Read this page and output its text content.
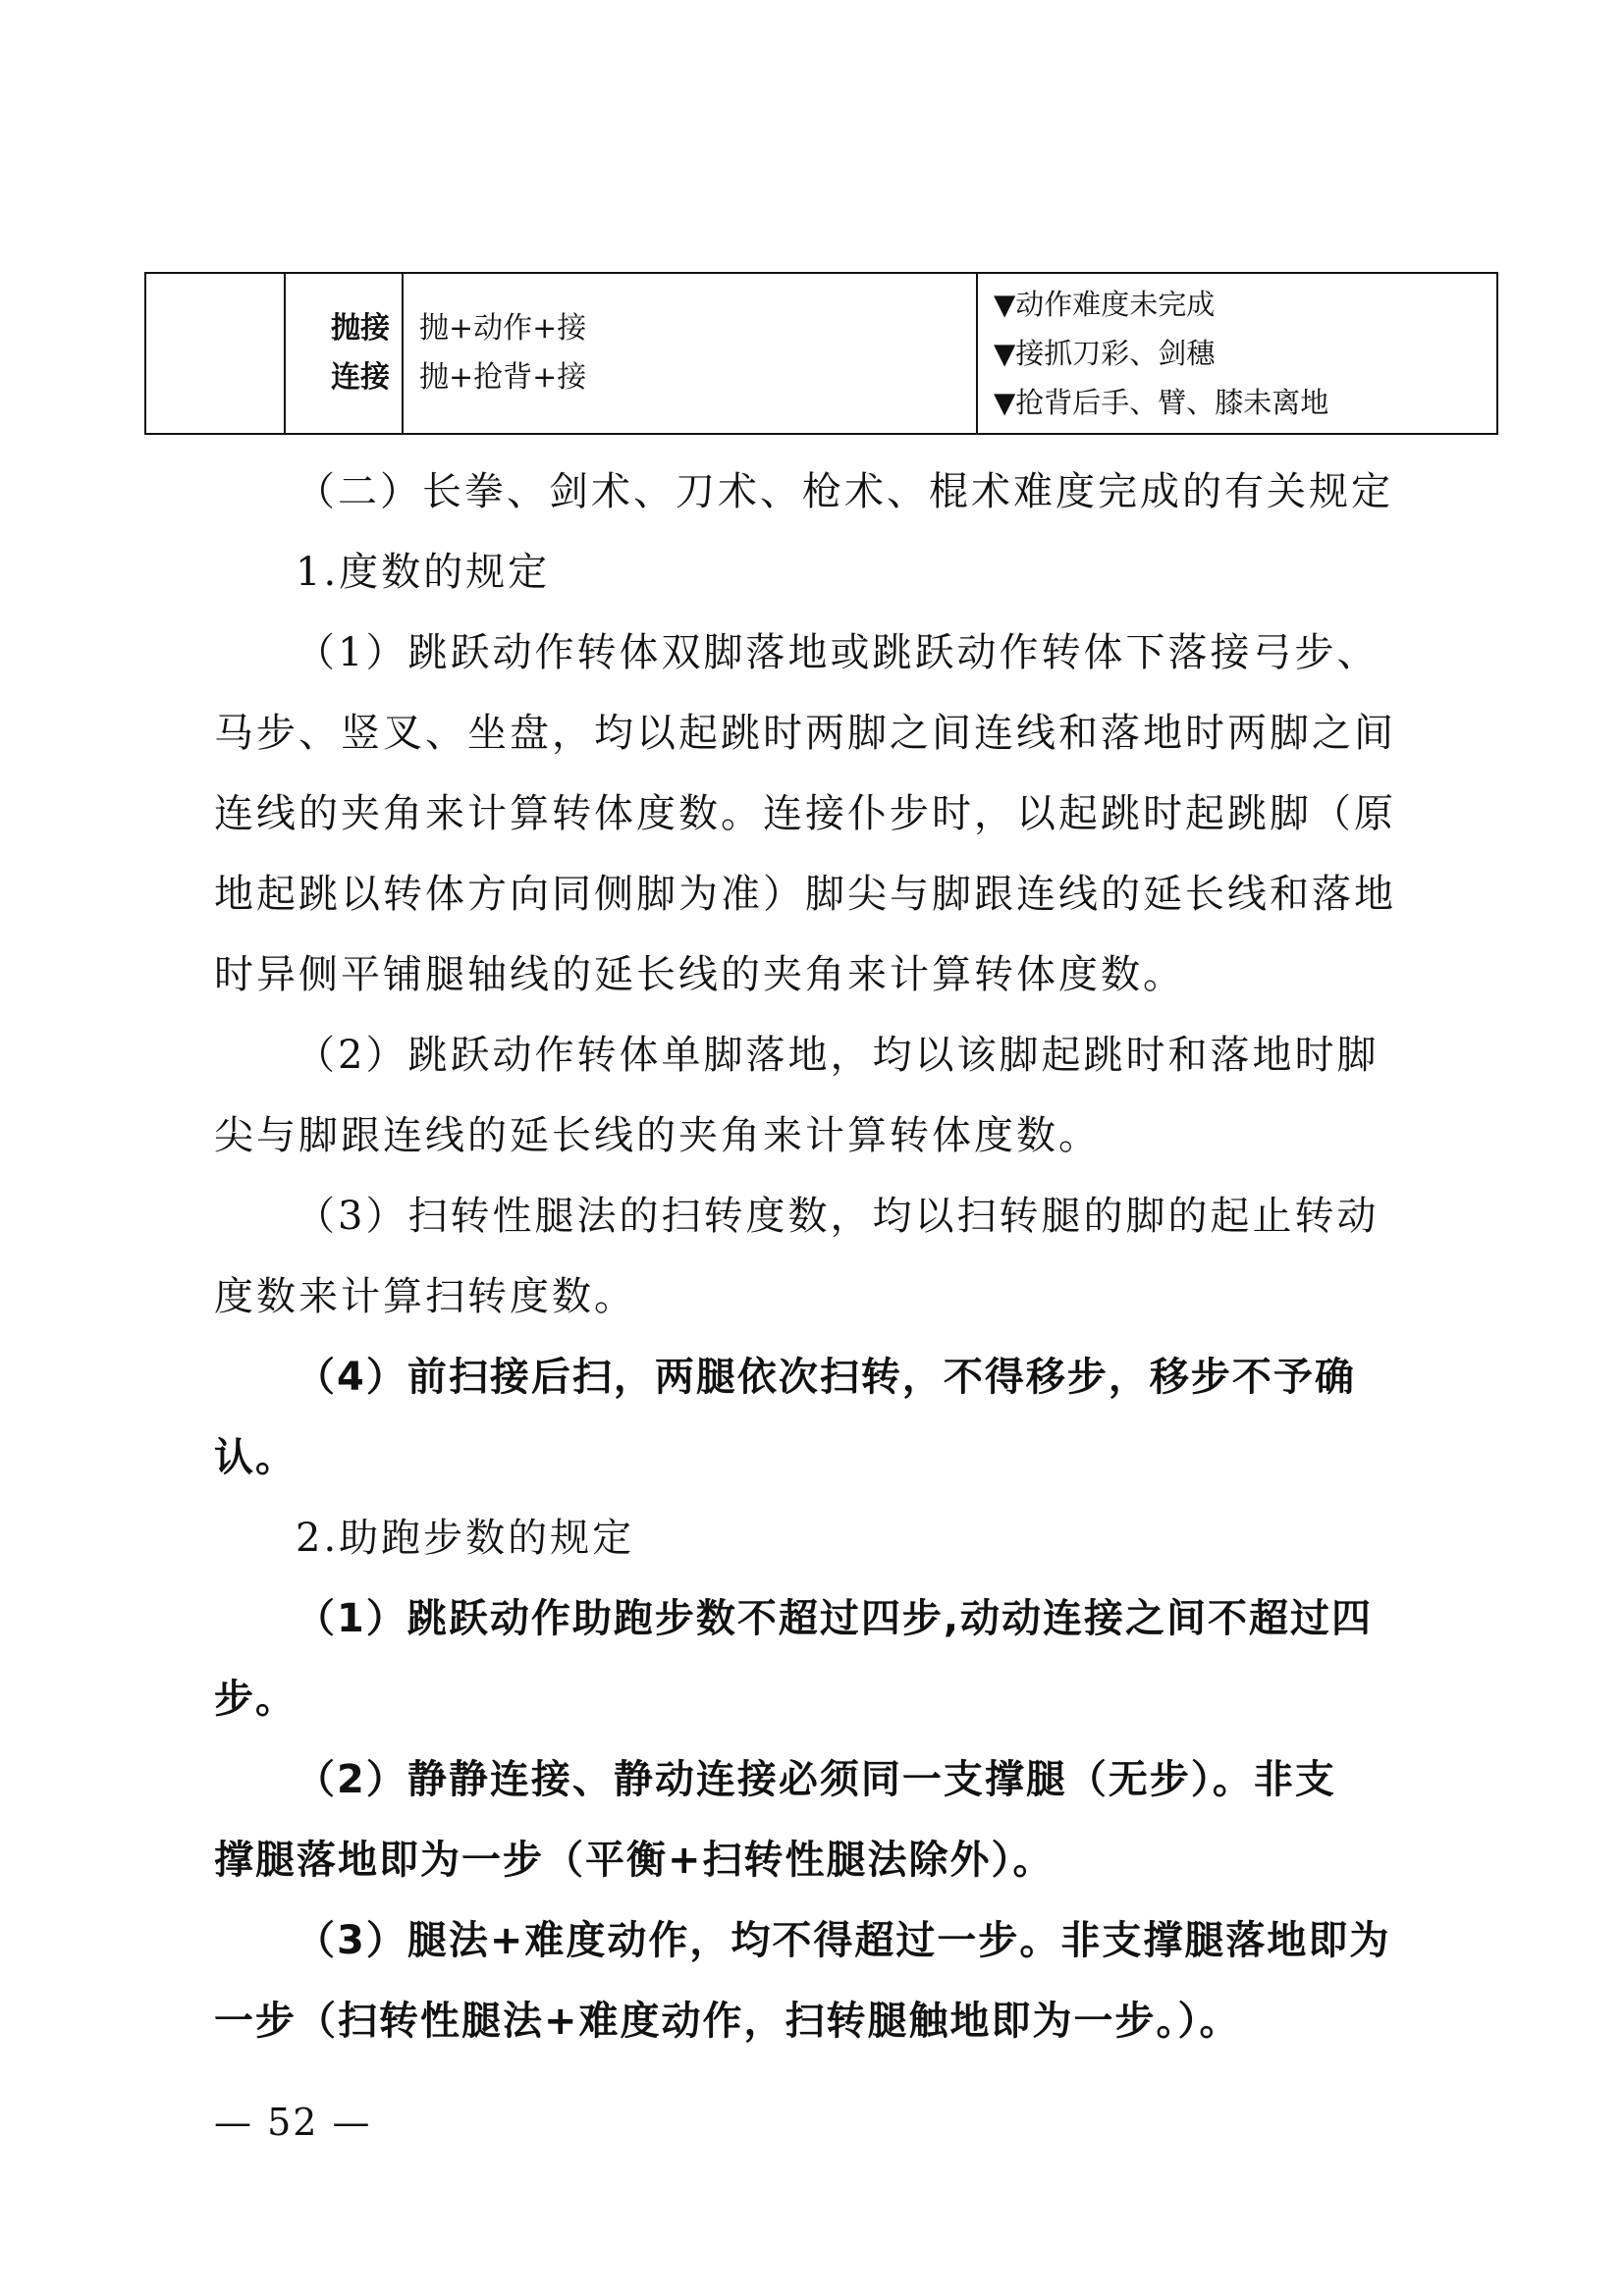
抛接
连接

抛+动作+接
抛+抢背+接

▼动作难度未完成
▼接抓刀彩、剑穗
▼抢背后手、臂、膝未离地

（二）长拳、剑术、刀术、枪术、棍术难度完成的有关规定

1.度数的规定

（1）跳跃动作转体双脚落地或跳跃动作转体下落接弓步、
马步、竖叉、坐盘，均以起跳时两脚之间连线和落地时两脚之间
连线的夹角来计算转体度数。连接仆步时，以起跳时起跳脚（原
地起跳以转体方向同侧脚为准）脚尖与脚跟连线的延长线和落地
时异侧平铺腿轴线的延长线的夹角来计算转体度数。

（2）跳跃动作转体单脚落地，均以该脚起跳时和落地时脚
尖与脚跟连线的延长线的夹角来计算转体度数。

（3）扫转性腿法的扫转度数，均以扫转腿的脚的起止转动
度数来计算扫转度数。

（4）前扫接后扫，两腿依次扫转，不得移步，移步不予确
认。

2.助跑步数的规定

（1）跳跃动作助跑步数不超过四步,动动连接之间不超过四
步。

（2）静静连接、静动连接必须同一支撑腿（无步）。非支
撑腿落地即为一步（平衡+扫转性腿法除外）。

（3）腿法+难度动作，均不得超过一步。非支撑腿落地即为
一步（扫转性腿法+难度动作，扫转腿触地即为一步。）。

— 52 —
